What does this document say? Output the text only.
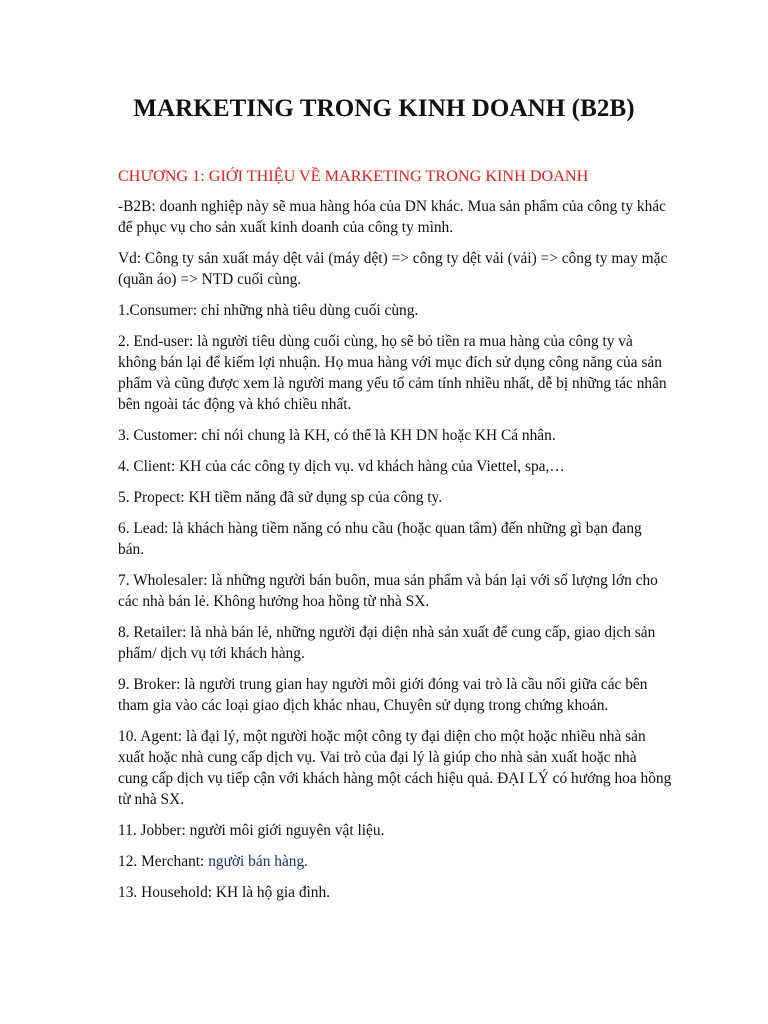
MARKETING TRONG KINH DOANH (B2B)
CHƯƠNG 1: GIỚI THIỆU VỀ MARKETING TRONG KINH DOANH
-B2B: doanh nghiệp này sẽ mua hàng hóa của DN khác. Mua sản phẩm của công ty khác
để phục vụ cho sản xuất kinh doanh của công ty mình.
Vd: Công ty sản xuất máy dệt vải (máy dệt) => công ty dệt vải (vải) => công ty may mặc
(quần áo) => NTD cuối cùng.
1.Consumer: chỉ những nhà tiêu dùng cuối cùng.
2. End-user: là người tiêu dùng cuối cùng, họ sẽ bỏ tiền ra mua hàng của công ty và
không bán lại để kiếm lợi nhuận. Họ mua hàng với mục đích sử dụng công năng của sản
phẩm và cũng được xem là người mang yếu tố cảm tính nhiều nhất, dễ bị những tác nhân
bên ngoài tác động và khó chiều nhất.
3. Customer: chỉ nói chung là KH, có thể là KH DN hoặc KH Cá nhân.
4. Client: KH của các công ty dịch vụ. vd khách hàng của Viettel, spa,…
5. Propect: KH tiềm năng đã sử dụng sp của công ty.
6. Lead: là khách hàng tiềm năng có nhu cầu (hoặc quan tâm) đến những gì bạn đang
bán.
7. Wholesaler: là những người bán buôn, mua sản phẩm và bán lại với số lượng lớn cho
các nhà bán lẻ. Không hưởng hoa hồng từ nhà SX.
8. Retailer: là nhà bán lẻ, những người đại diện nhà sản xuất để cung cấp, giao dịch sản
phẩm/ dịch vụ tới khách hàng.
9. Broker: là người trung gian hay người môi giới đóng vai trò là cầu nối giữa các bên
tham gia vào các loại giao dịch khác nhau, Chuyên sử dụng trong chứng khoán.
10. Agent: là đại lý, một người hoặc một công ty đại diện cho một hoặc nhiều nhà sản
xuất hoặc nhà cung cấp dịch vụ. Vai trò của đại lý là giúp cho nhà sản xuất hoặc nhà
cung cấp dịch vụ tiếp cận với khách hàng một cách hiệu quả. ĐẠI LÝ có hướng hoa hồng
từ nhà SX.
11. Jobber: người môi giới nguyên vật liệu.
12. Merchant: người bán hàng.
13. Household: KH là hộ gia đình.
